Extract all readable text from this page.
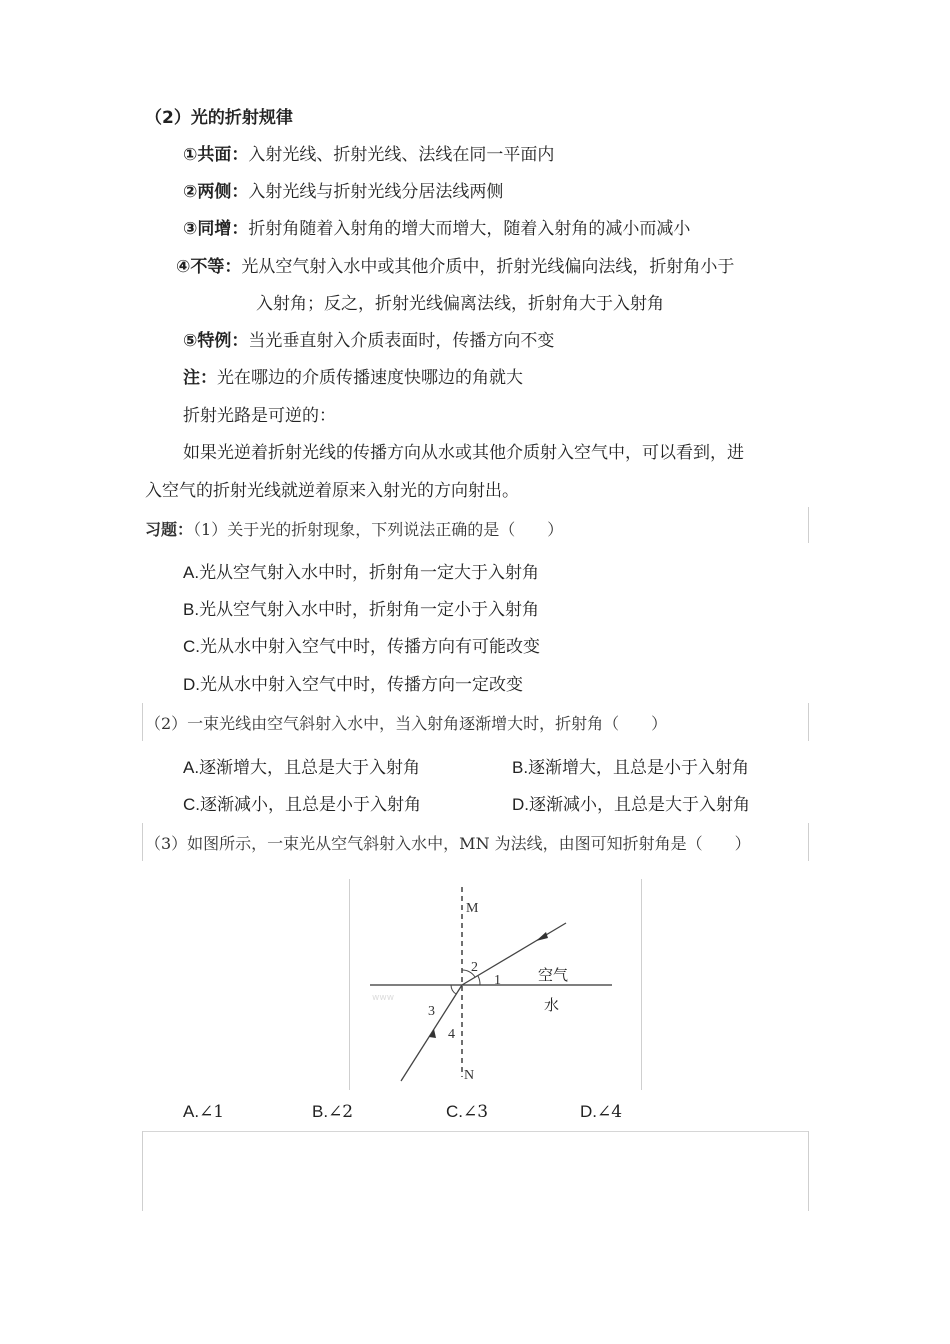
（2）光的折射规律
①共面：入射光线、折射光线、法线在同一平面内
②两侧：入射光线与折射光线分居法线两侧
③同增：折射角随着入射角的增大而增大，随着入射角的减小而减小
④不等：光从空气射入水中或其他介质中，折射光线偏向法线，折射角小于
入射角；反之，折射光线偏离法线，折射角大于入射角
⑤特例：当光垂直射入介质表面时，传播方向不变
注：光在哪边的介质传播速度快哪边的角就大
折射光路是可逆的：
如果光逆着折射光线的传播方向从水或其他介质射入空气中，可以看到，进
入空气的折射光线就逆着原来入射光的方向射出。
习题：（1）关于光的折射现象，下列说法正确的是（　　）
A.光从空气射入水中时，折射角一定大于入射角
B.光从空气射入水中时，折射角一定小于入射角
C.光从水中射入空气中时，传播方向有可能改变
D.光从水中射入空气中时，传播方向一定改变
（2）一束光线由空气斜射入水中，当入射角逐渐增大时，折射角（　　）
A.逐渐增大，且总是大于入射角	B.逐渐增大，且总是小于入射角
C.逐渐减小，且总是小于入射角	D.逐渐减小，且总是大于入射角
（3）如图所示，一束光从空气斜射入水中，MN 为法线，由图可知折射角是（　　）
www
M
N
空气
水
1
2
3
4
A.∠1	B.∠2	C.∠3	D.∠4
